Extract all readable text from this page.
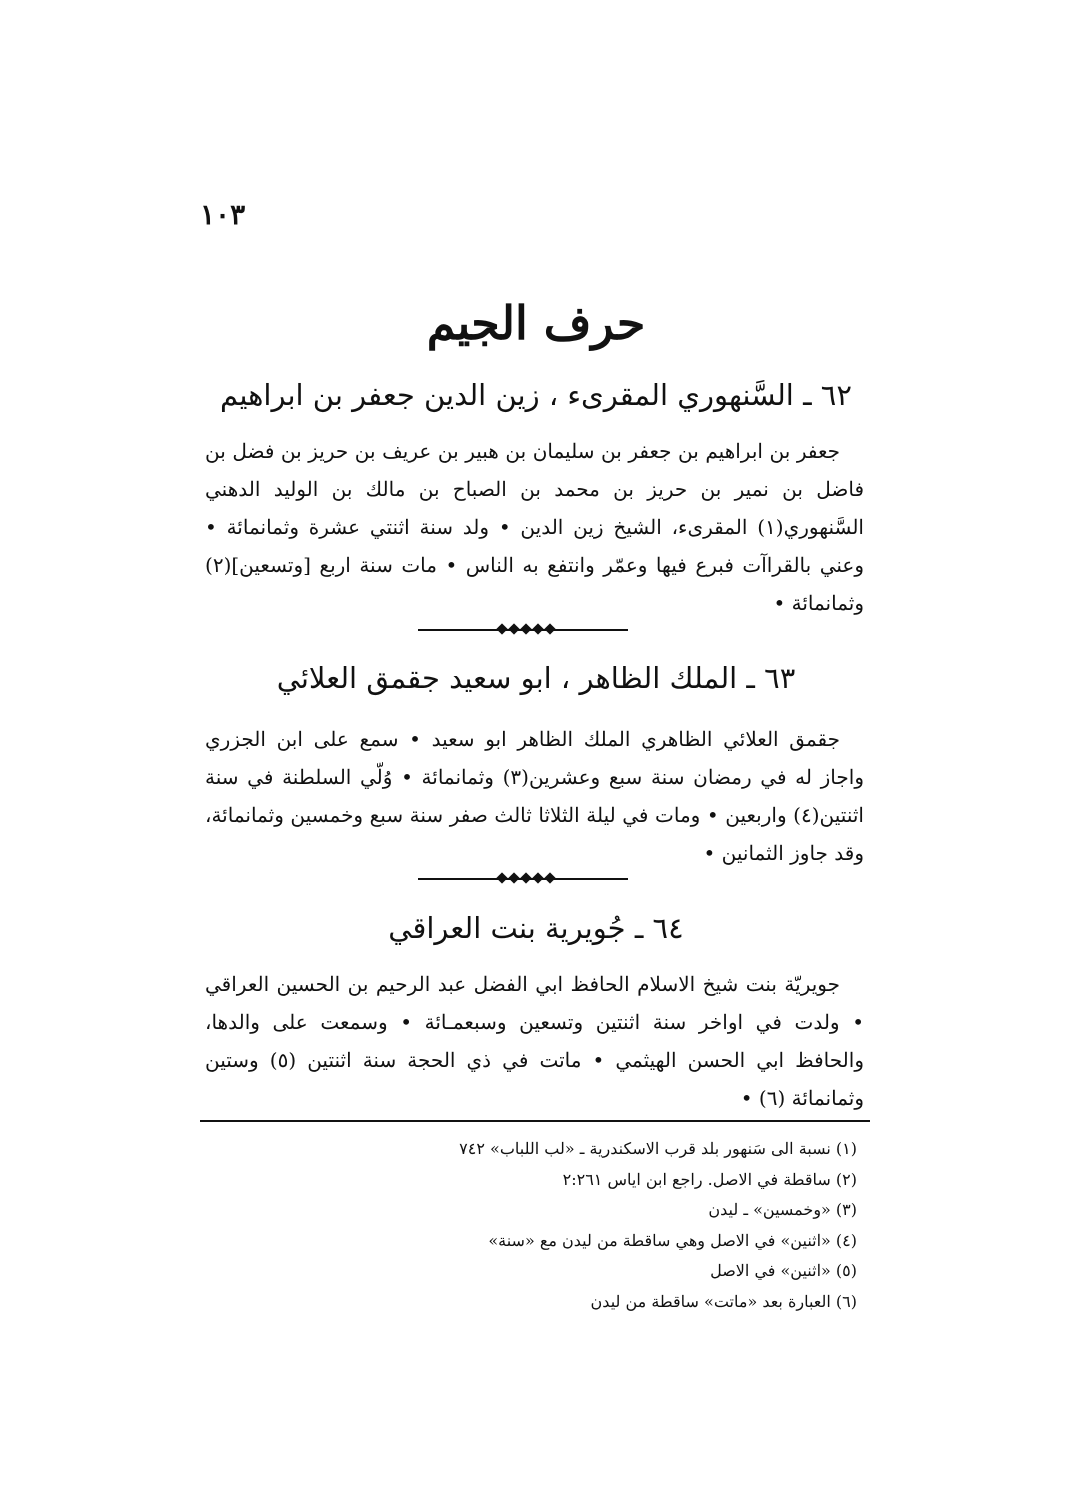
١٠٣
حرف الجيم
٦٢ ـ السَّنهوري المقرىء ، زين الدين جعفر بن ابراهيم

جعفر بن ابراهيم بن جعفر بن سليمان بن هبير بن عريف بن حريز بن فضل بن فاضل بن نمير بن حريز بن محمد بن الصباح بن مالك بن الوليد الدهني السَّنهوري(١) المقرىء، الشيخ زين الدين • ولد سنة اثنتي عشرة وثمانمائة • وعني بالقراآت فبرع فيها وعمّر وانتفع به الناس • مات سنة اربع [وتسعين](٢) وثمانمائة •

٦٣ ـ الملك الظاهر ، ابو سعيد جقمق العلائي

جقمق العلائي الظاهري الملك الظاهر ابو سعيد • سمع على ابن الجزري واجاز له في رمضان سنة سبع وعشرين(٣) وثمانمائة • وُلّي السلطنة في سنة اثنتين(٤) واربعين • ومات في ليلة الثلاثا ثالث صفر سنة سبع وخمسين وثمانمائة، وقد جاوز الثمانين •

٦٤ ـ جُويرية بنت العراقي

جويريّة بنت شيخ الاسلام الحافظ ابي الفضل عبد الرحيم بن الحسين العراقي • ولدت في اواخر سنة اثنتين وتسعين وسبعمـائة • وسمعت على والدها، والحافظ ابي الحسن الهيثمي • ماتت في ذي الحجة سنة اثنتين (٥) وستين وثمانمائة (٦) •

(١) نسبة الى سَنهور بلد قرب الاسكندرية ـ «لب اللباب» ٧٤٢
(٢) ساقطة في الاصل. راجع ابن اياس ٢:٢٦١
(٣) «وخمسين» ـ ليدن
(٤) «اثنين» في الاصل وهي ساقطة من ليدن مع «سنة»
(٥) «اثنين» في الاصل
(٦) العبارة بعد «ماتت» ساقطة من ليدن
